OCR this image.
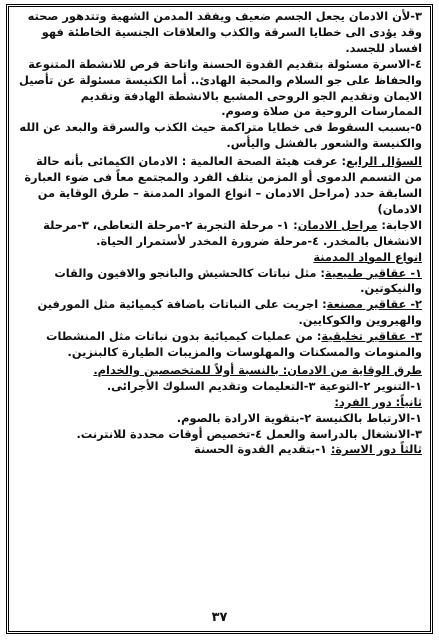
٣-لأن الادمان يجعل الجسم ضعيف ويفقد المدمن الشهية وتتدهور صحته وقد يؤدى الى خطايا السرقة والكذب والعلاقات الجنسية الخاطئة فهو افساد للجسد.

٤-الاسرة مسئولة بتقديم القدوة الحسنة واتاحة فرص للانشطة المتنوعة والحفاظ على جو السلام والمحبة الهادئ.. أما الكنيسة مسئولة عن تأصيل الايمان وتقديم الجو الروحى المشبع بالانشطة الهادفة وتقديم الممارسات الروحية من صلاة وصوم.

٥-بسبب السقوط فى خطايا متراكمة حيث الكذب والسرقة والبعد عن الله والكنيسة والشعور بالفشل واليأس.

السؤال الرابع: عرفت هيئة الصحة العالمية : الادمان الكيمائى بأنه حالة من التسمم الدموى أو المزمن يتلف الفرد والمجتمع معاً فى ضوء العبارة السابقة حدد (مراحل الادمان – انواع المواد المدمنة – طرق الوقاية من الادمان)

الاجابة: مراحل الادمان: ١- مرحلة التجربة ٢-مرحلة التعاطى، ٣-مرحلة الانشغال بالمخدر. ٤-مرحلة ضرورة المخدر لأستمرار الحياة.

انواع المواد المدمنة

١- عقاقير طبيعية: مثل نباتات كالحشيش والبانجو والافيون والقات والنيكوتين.

٢- عقاقير مصنعة: اجريت على النباتات باضافة كيميائية مثل المورفين والهيروين والكوكايين.

٣- عقاقير تخليقية: من عمليات كيميائية بدون نباتات مثل المنشطات والمنومات والمسكنات والمهلوسات والمزيبات الطيارة كالبنزين.

طرق الوقاية من الادمان: بالنسبة أولاً للمتخصصين والخدام.

١-التنوير ٢-التوعية ٣-التعليمات وتقديم السلوك الأجرائى.

ثانياً: دور الفرد:

١-الارتباط بالكنيسة ٢-بتقوية الارادة بالصوم.

٣-الانشغال بالدراسة والعمل ٤-تخصيص أوقات محددة للانترنت.

ثالثاً دور الاسرة: ١-بتقديم القدوة الحسنة

٣٧
